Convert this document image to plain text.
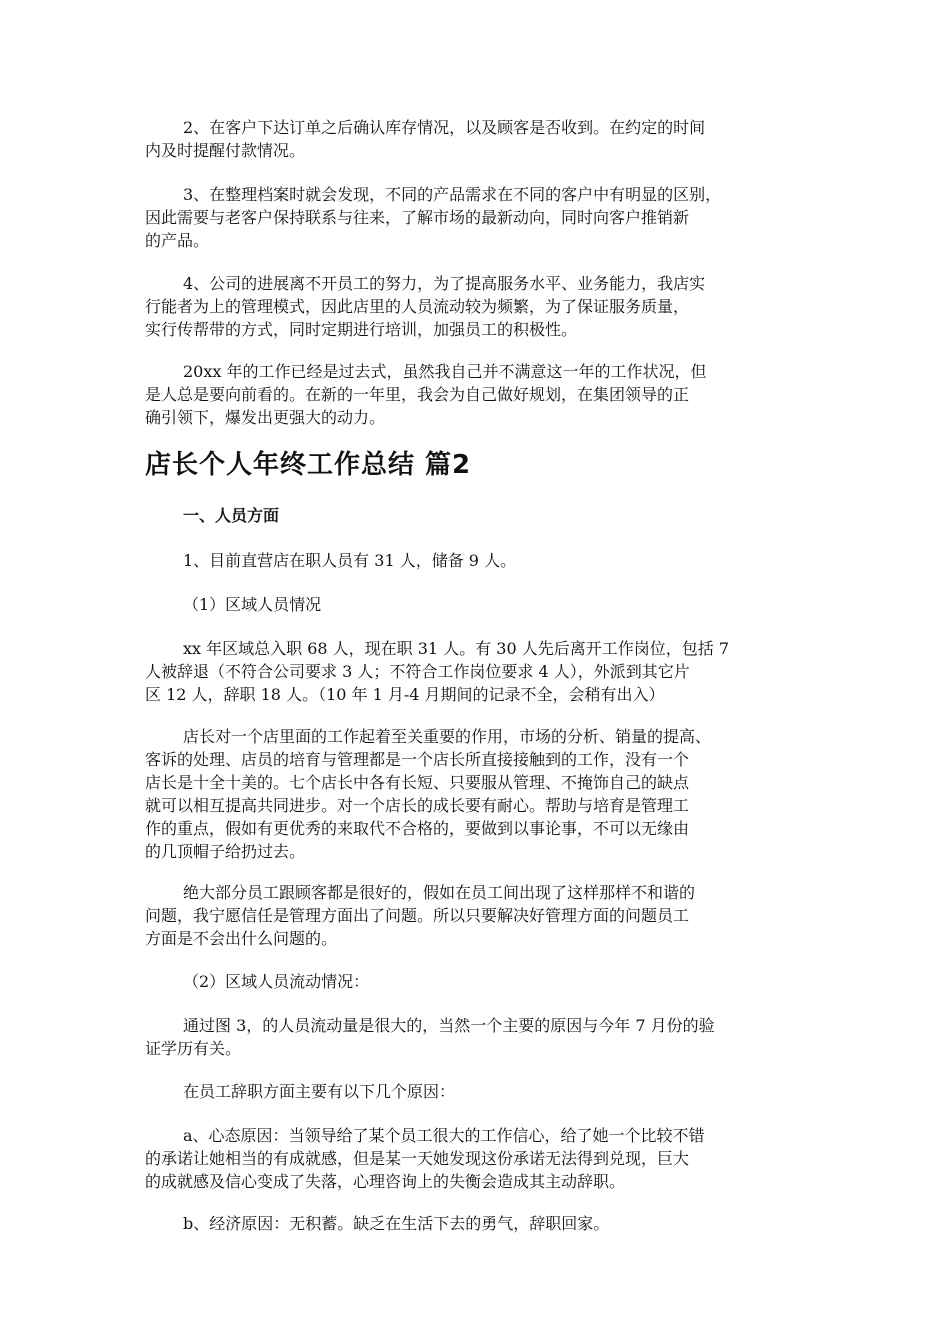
2、在客户下达订单之后确认库存情况，以及顾客是否收到。在约定的时间
内及时提醒付款情况。
3、在整理档案时就会发现，不同的产品需求在不同的客户中有明显的区别，
因此需要与老客户保持联系与往来，了解市场的最新动向，同时向客户推销新
的产品。
4、公司的进展离不开员工的努力，为了提高服务水平、业务能力，我店实
行能者为上的管理模式，因此店里的人员流动较为频繁，为了保证服务质量，
实行传帮带的方式，同时定期进行培训，加强员工的积极性。
20xx 年的工作已经是过去式，虽然我自己并不满意这一年的工作状况，但
是人总是要向前看的。在新的一年里，我会为自己做好规划，在集团领导的正
确引领下，爆发出更强大的动力。
店长个人年终工作总结 篇2
一、人员方面
1、目前直营店在职人员有 31 人，储备 9 人。
（1）区域人员情况
xx 年区域总入职 68 人，现在职 31 人。有 30 人先后离开工作岗位，包括 7
人被辞退（不符合公司要求 3 人；不符合工作岗位要求 4 人），外派到其它片
区 12 人，辞职 18 人。（10 年 1 月-4 月期间的记录不全，会稍有出入）
店长对一个店里面的工作起着至关重要的作用，市场的分析、销量的提高、
客诉的处理、店员的培育与管理都是一个店长所直接接触到的工作，没有一个
店长是十全十美的。七个店长中各有长短、只要服从管理、不掩饰自己的缺点
就可以相互提高共同进步。对一个店长的成长要有耐心。帮助与培育是管理工
作的重点，假如有更优秀的来取代不合格的，要做到以事论事，不可以无缘由
的几顶帽子给扔过去。
绝大部分员工跟顾客都是很好的，假如在员工间出现了这样那样不和谐的
问题，我宁愿信任是管理方面出了问题。所以只要解决好管理方面的问题员工
方面是不会出什么问题的。
（2）区域人员流动情况：
通过图 3，的人员流动量是很大的，当然一个主要的原因与今年 7 月份的验
证学历有关。
在员工辞职方面主要有以下几个原因：
a、心态原因：当领导给了某个员工很大的工作信心，给了她一个比较不错
的承诺让她相当的有成就感，但是某一天她发现这份承诺无法得到兑现，巨大
的成就感及信心变成了失落，心理咨询上的失衡会造成其主动辞职。
b、经济原因：无积蓄。缺乏在生活下去的勇气，辞职回家。
